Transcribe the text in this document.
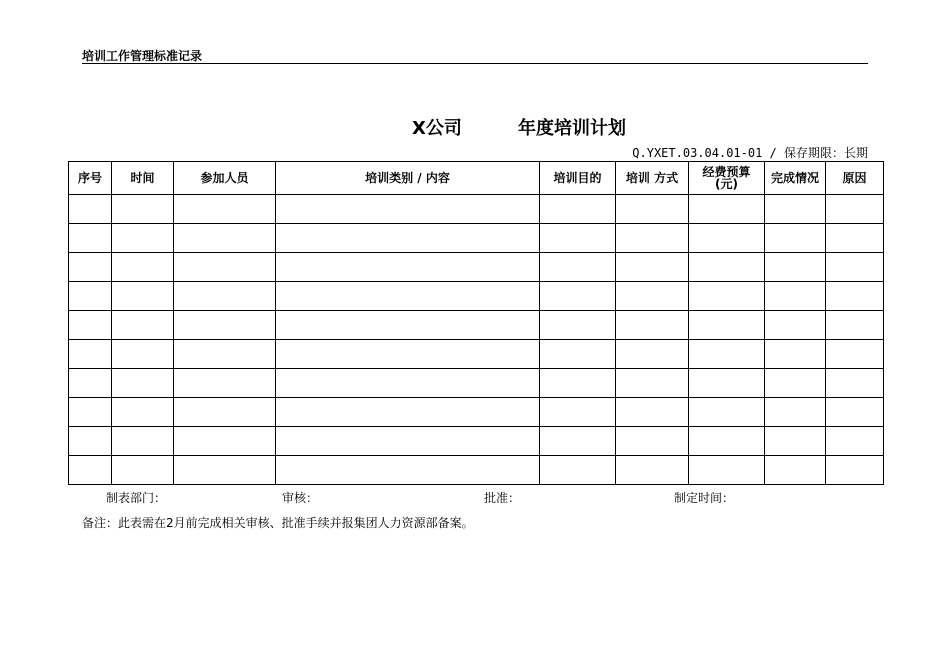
培训工作管理标准记录
X公司	年度培训计划
Q.YXET.03.04.01-01 / 保存期限：长期
序号	时间	参加人员	培训类别 / 内容	培训目的	培训 方式	经费预算(元)	完成情况	原因

制表部门：	审核：	批准：	制定时间：
备注：此表需在2月前完成相关审核、批准手续并报集团人力资源部备案。
